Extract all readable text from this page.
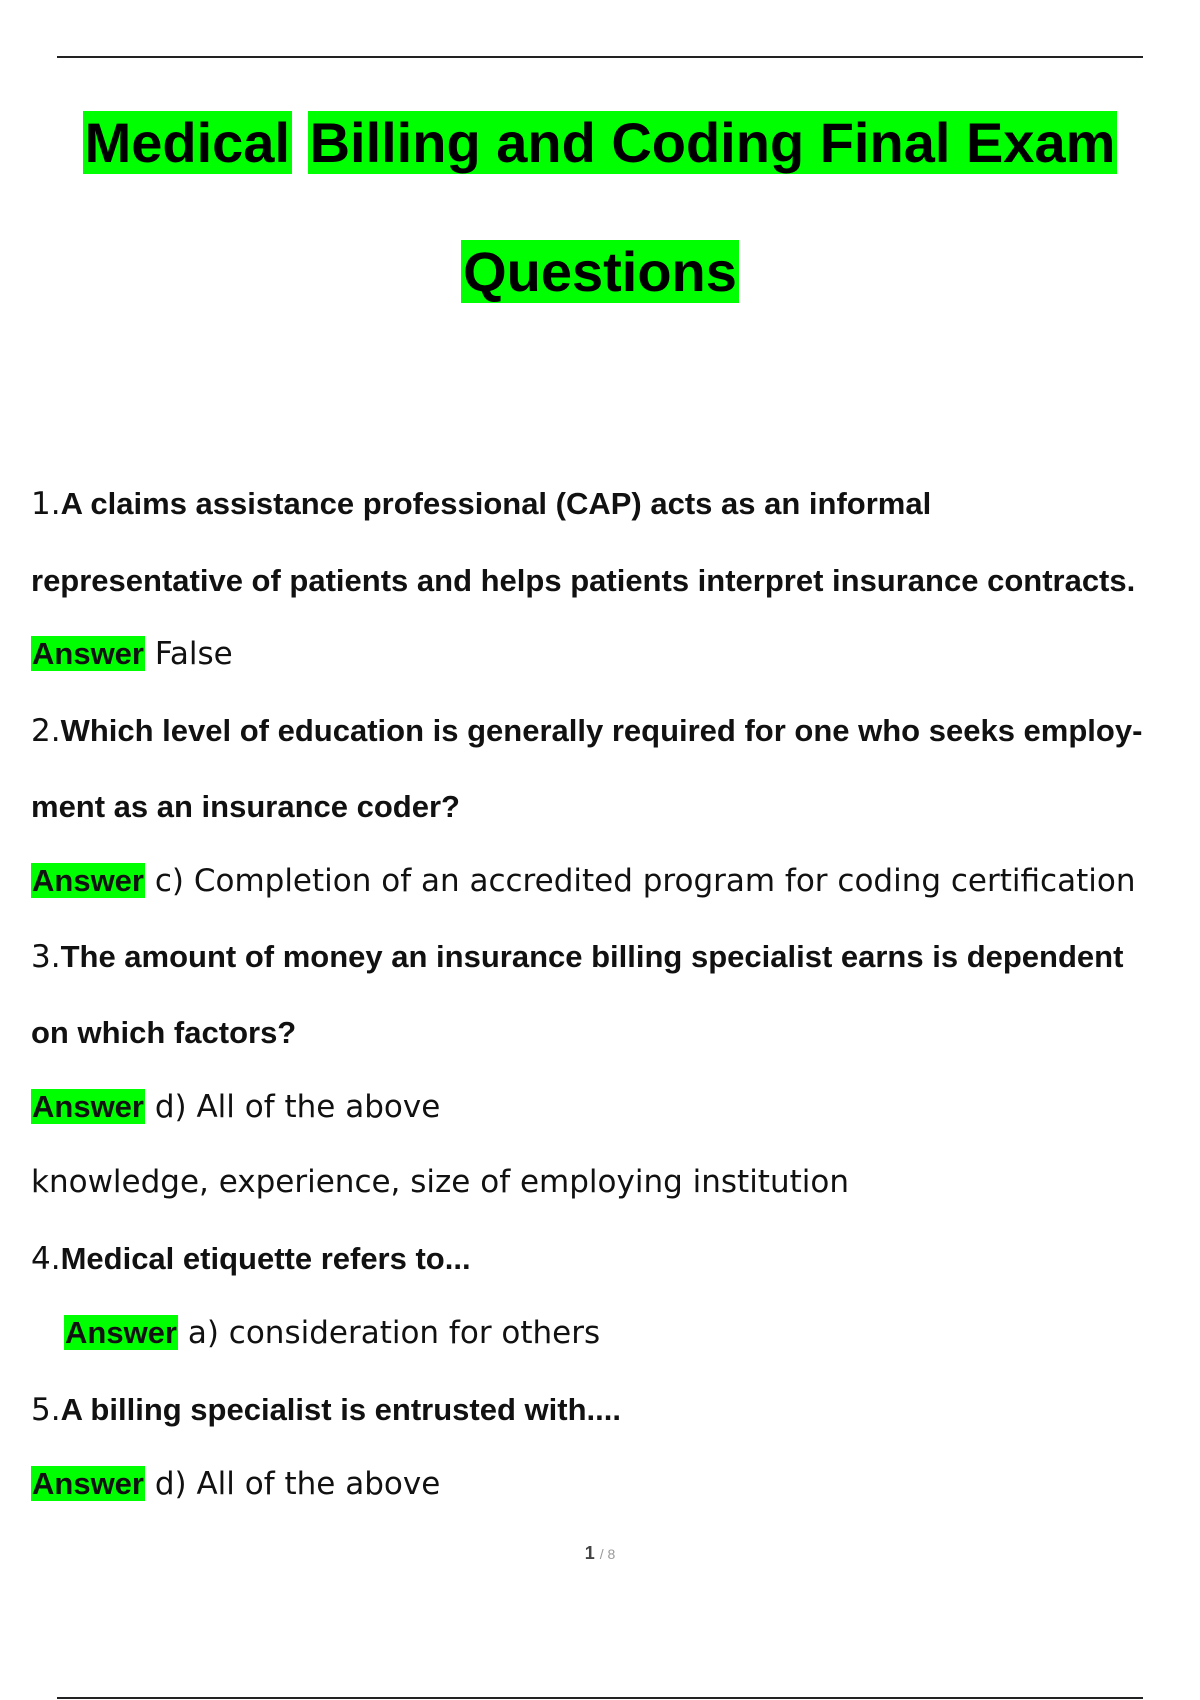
Medical Billing and Coding Final Exam
Questions
1.A claims assistance professional (CAP) acts as an informal
representative of patients and helps patients interpret insurance contracts.
Answer False
2.Which level of education is generally required for one who seeks employ-
ment as an insurance coder?
Answer c) Completion of an accredited program for coding certification
3.The amount of money an insurance billing specialist earns is dependent
on which factors?
Answer d) All of the above
knowledge, experience, size of employing institution
4.Medical etiquette refers to...
Answer a) consideration for others
5.A billing specialist is entrusted with....
Answer d) All of the above
1 / 8
